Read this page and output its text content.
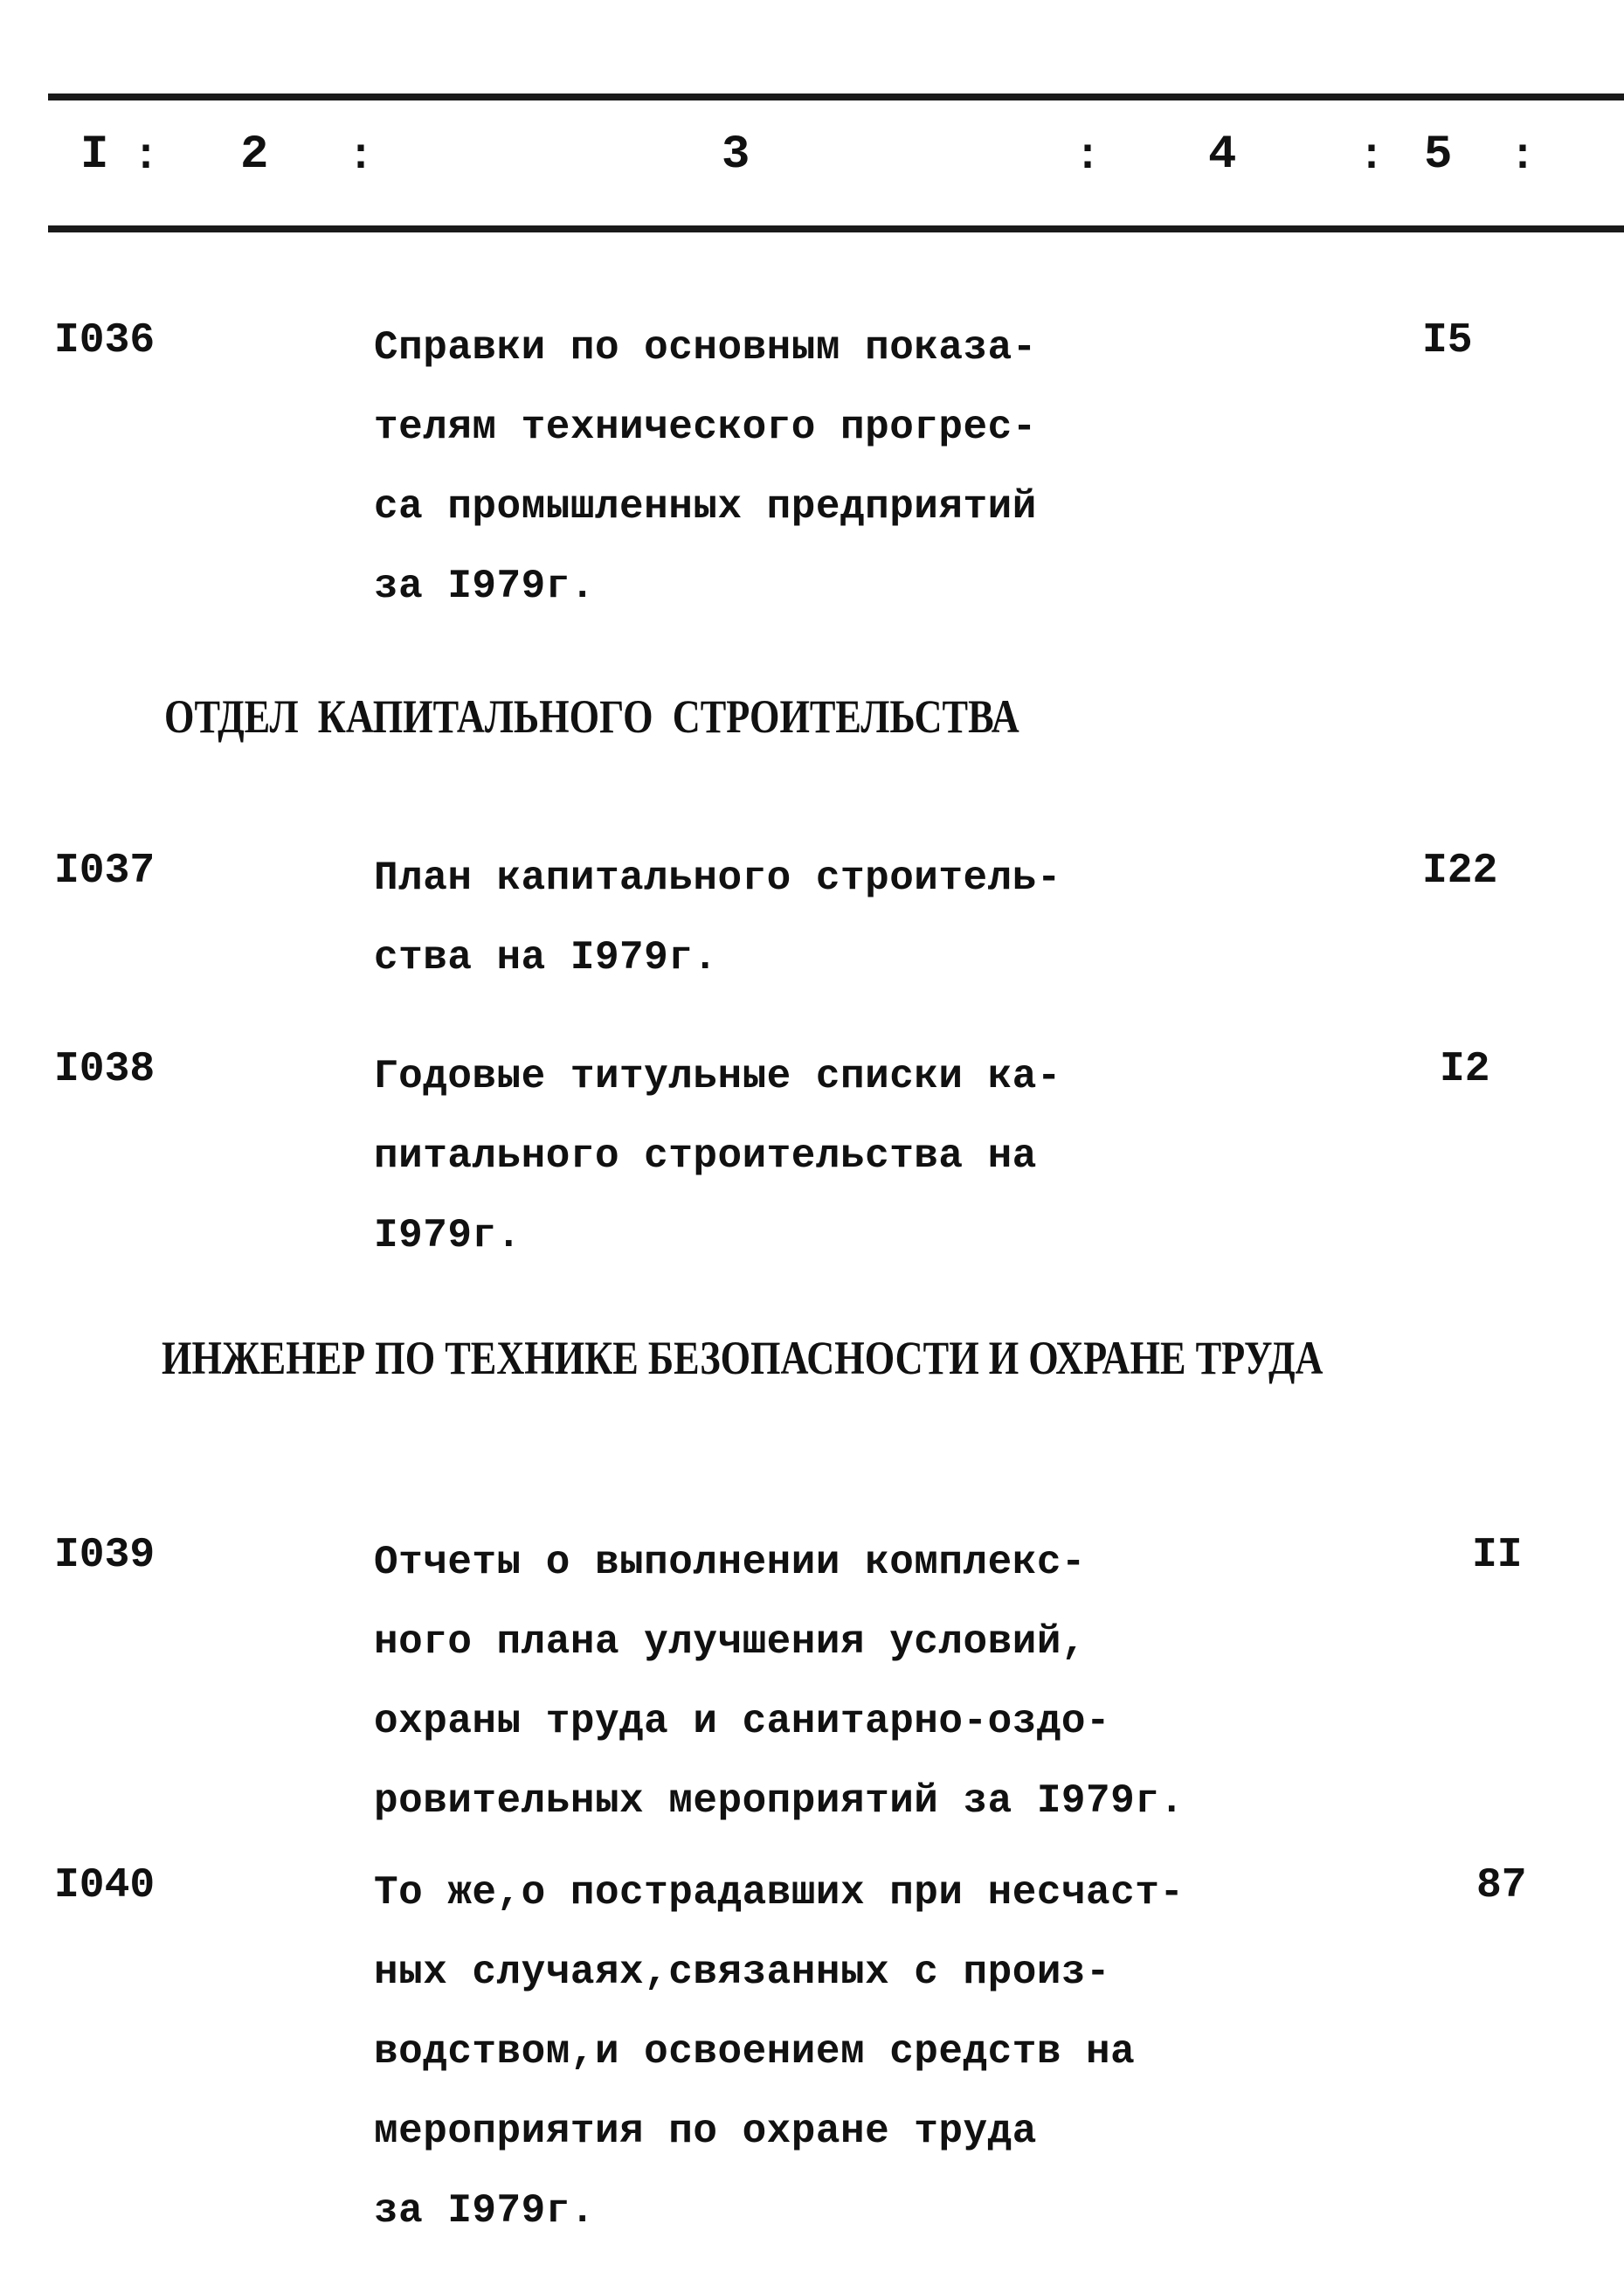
I : 2 :	3	: 4	: 5 :
I036	Справки по основным показа-
телям технического прогрес-
са промышленных предприятий
за I979г.
I5
ОТДЕЛ  КАПИТАЛЬНОГО  СТРОИТЕЛЬСТВА
I037	План капитального строитель-
ства на I979г.
I22
I038	Годовые титульные списки ка-
питального строительства на
I979г.
I2
ИНЖЕНЕР ПО ТЕХНИКЕ БЕЗОПАСНОСТИ И ОХРАНЕ ТРУДА
I039	Отчеты о выполнении комплекс-
ного плана улучшения условий,
охраны труда и санитарно-оздо-
ровительных мероприятий за I979г.
II
I040	То же,о пострадавших при несчаст-
ных случаях,связанных с произ-
водством,и освоением средств на
мероприятия по охране труда
за I979г.
87
